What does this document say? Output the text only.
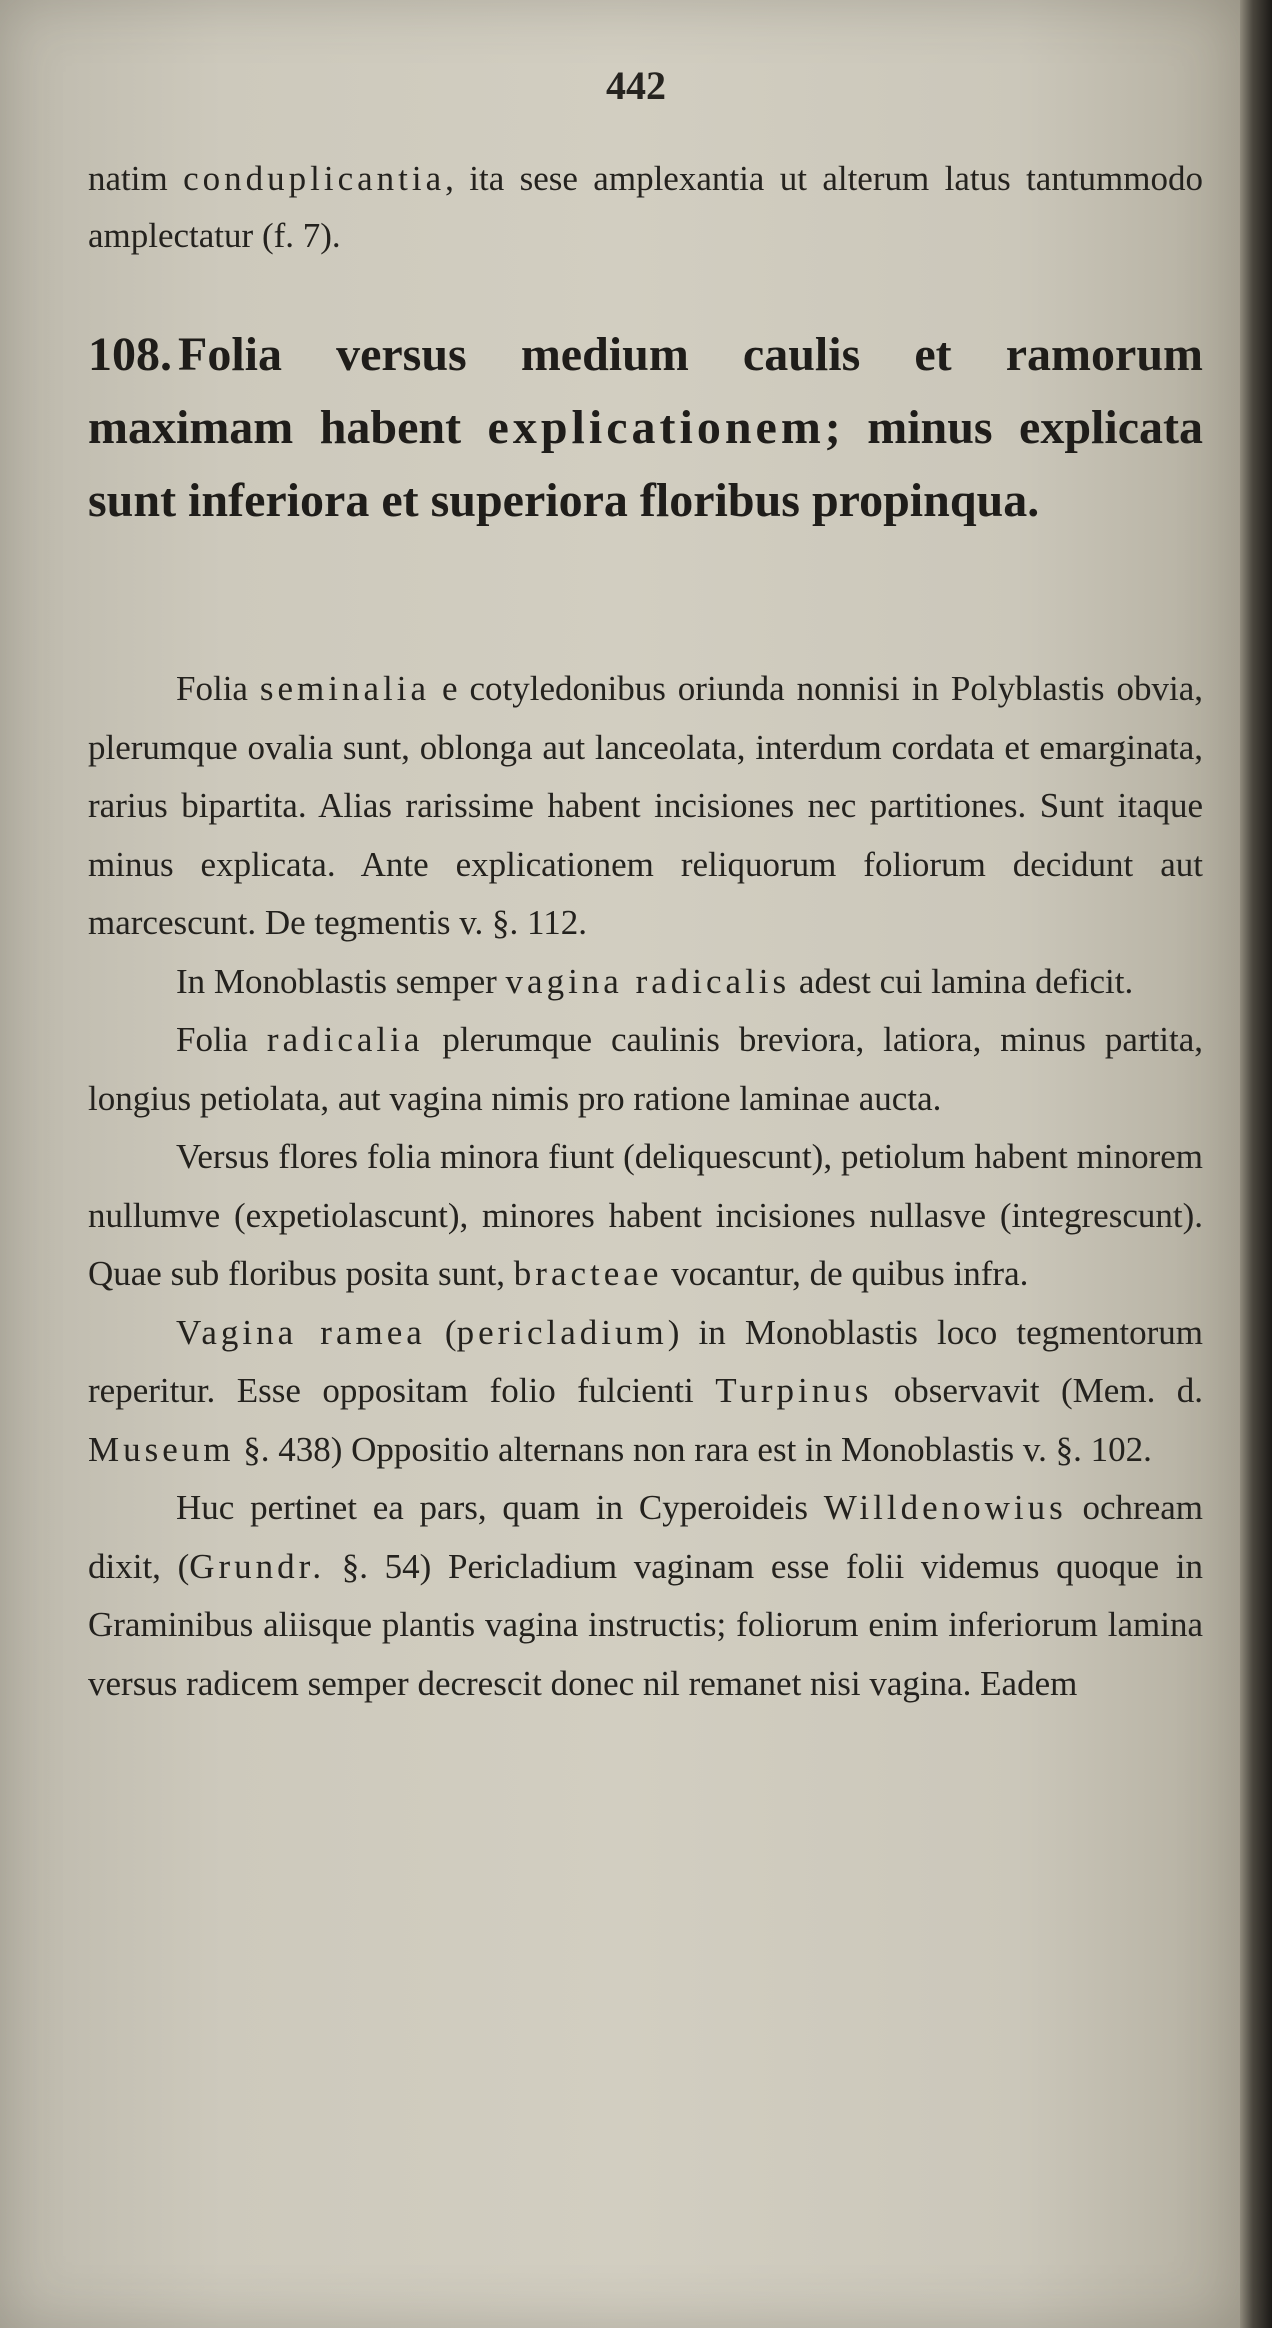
442
natim conduplicantia, ita sese amplexantia ut alterum latus tantummodo amplectatur (f. 7).
108. Folia versus medium caulis et ramorum maximam habent explicationem; minus explicata sunt inferiora et superiora floribus propinqua.

Folia seminalia e cotyledonibus oriunda nonnisi in Polyblastis obvia, plerumque ovalia sunt, oblonga aut lanceolata, interdum cordata et emarginata, rarius bipartita. Alias rarissime habent incisiones nec partitiones. Sunt itaque minus explicata. Ante explicationem reliquorum foliorum decidunt aut marcescunt. De tegmentis v. §. 112.

In Monoblastis semper vagina radicalis adest cui lamina deficit.

Folia radicalia plerumque caulinis breviora, latiora, minus partita, longius petiolata, aut vagina nimis pro ratione laminae aucta.

Versus flores folia minora fiunt (deliquescunt), petiolum habent minorem nullumve (expetiolascunt), minores habent incisiones nullasve (integrescunt). Quae sub floribus posita sunt, bracteae vocantur, de quibus infra.

Vagina ramea (pericladium) in Monoblastis loco tegmentorum reperitur. Esse oppositam folio fulcienti Turpinus observavit (Mem. d. Museum §. 438) Oppositio alternans non rara est in Monoblastis v. §. 102.

Huc pertinet ea pars, quam in Cyperoideis Willdenowius ochream dixit, (Grundr. §. 54) Pericladium vaginam esse folii videmus quoque in Graminibus aliisque plantis vagina instructis; foliorum enim inferiorum lamina versus radicem semper decrescit donec nil remanet nisi vagina. Eadem
